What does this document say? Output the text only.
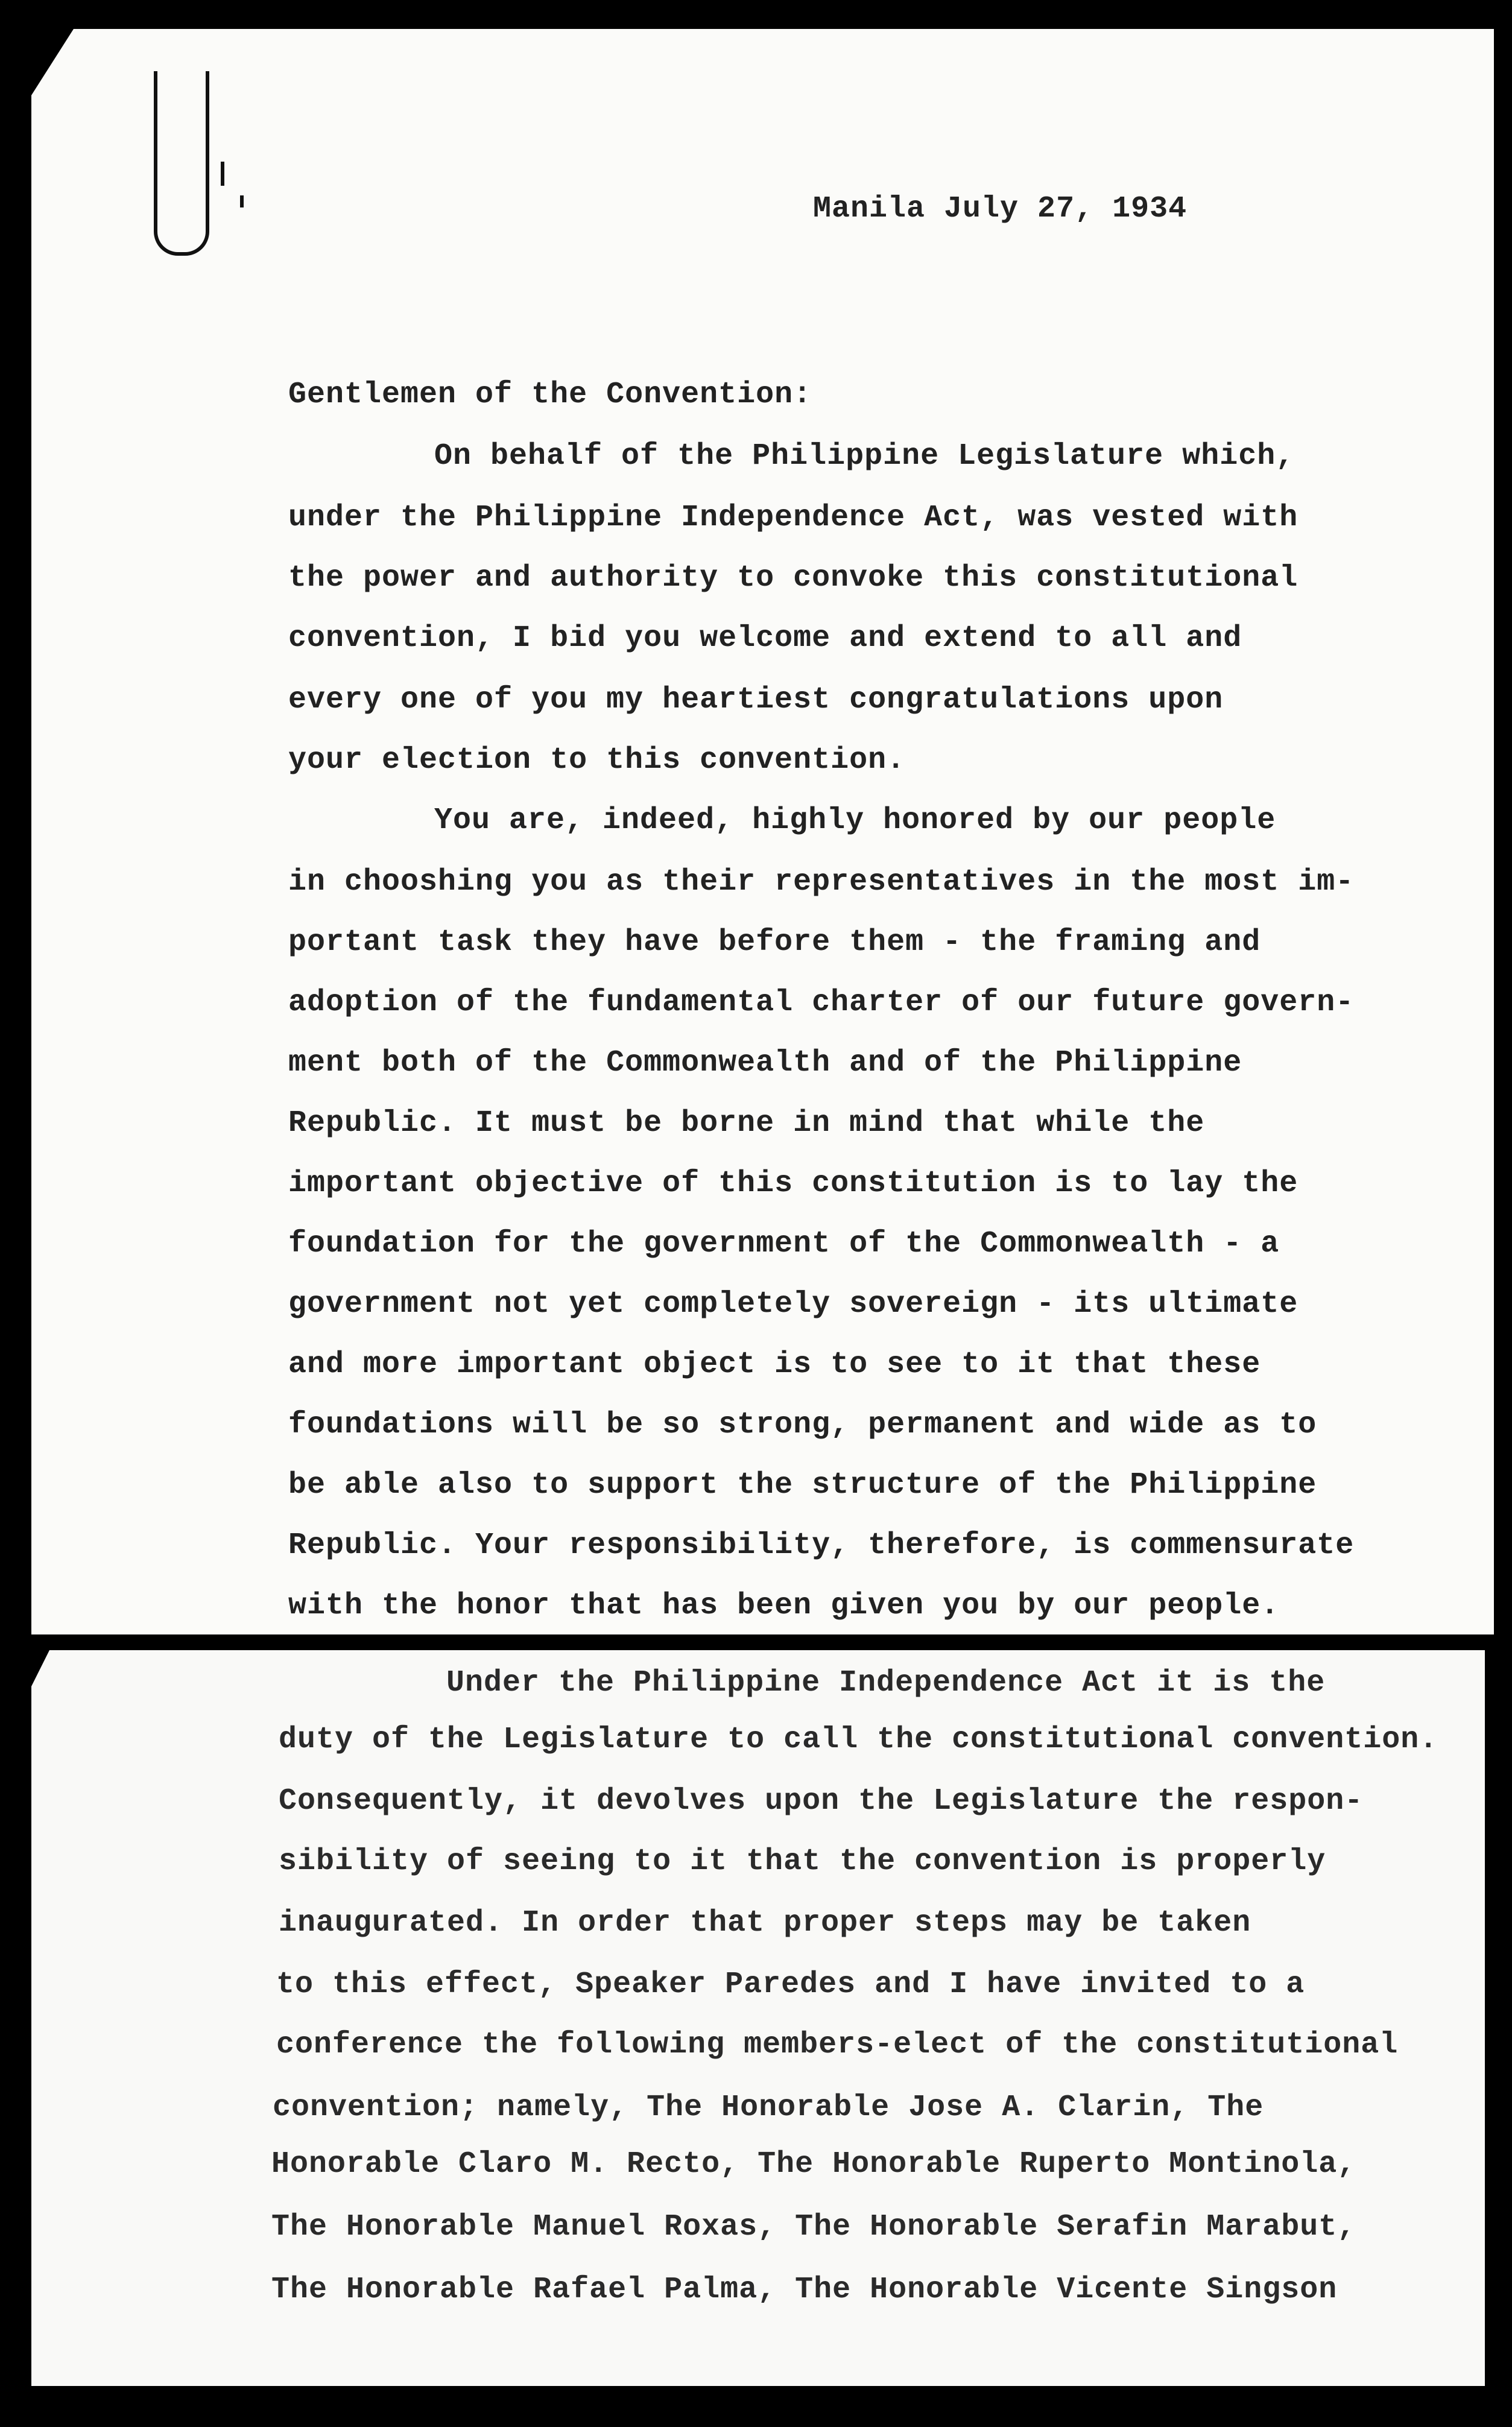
Manila July 27, 1934
Gentlemen of the Convention:
On behalf of the Philippine Legislature which,
under the Philippine Independence Act, was vested with
the power and authority to convoke this constitutional
convention, I bid you welcome and extend to all and
every one of you my heartiest congratulations upon
your election to this convention.
You are, indeed, highly honored by our people
in chooshing you as their representatives in the most im-
portant task they have before them - the framing and
adoption of the fundamental charter of our future govern-
ment both of the Commonwealth and of the Philippine
Republic. It must be borne in mind that while the
important objective of this constitution is to lay the
foundation for the government of the Commonwealth - a
government not yet completely sovereign - its ultimate
and more important object is to see to it that these
foundations will be so strong, permanent and wide as to
be able also to support the structure of the Philippine
Republic. Your responsibility, therefore, is commensurate
with the honor that has been given you by our people.
Under the Philippine Independence Act it is the
duty of the Legislature to call the constitutional convention.
Consequently, it devolves upon the Legislature the respon-
sibility of seeing to it that the convention is properly
inaugurated. In order that proper steps may be taken
to this effect, Speaker Paredes and I have invited to a
conference the following members-elect of the constitutional
convention; namely, The Honorable Jose A. Clarin, The
Honorable Claro M. Recto, The Honorable Ruperto Montinola,
The Honorable Manuel Roxas, The Honorable Serafin Marabut,
The Honorable Rafael Palma, The Honorable Vicente Singson
